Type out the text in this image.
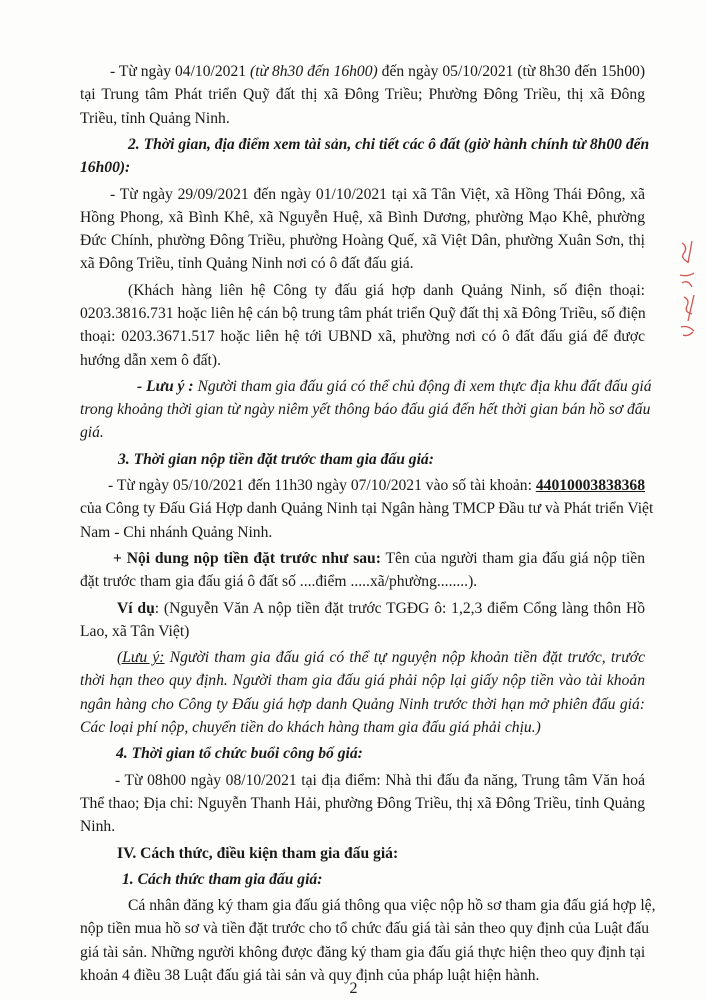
- Từ ngày 04/10/2021 (từ 8h30 đến 16h00) đến ngày 05/10/2021 (từ 8h30 đến 15h00)
tại Trung tâm Phát triển Quỹ đất thị xã Đông Triều; Phường Đông Triều, thị xã Đông
Triều, tỉnh Quảng Ninh.
2. Thời gian, địa điểm xem tài sản, chi tiết các ô đất (giờ hành chính từ 8h00 đến
16h00):
- Từ ngày 29/09/2021 đến ngày 01/10/2021 tại xã Tân Việt, xã Hồng Thái Đông, xã
Hồng Phong, xã Bình Khê, xã Nguyễn Huệ, xã Bình Dương, phường Mạo Khê, phường
Đức Chính, phường Đông Triều, phường Hoàng Quế, xã Việt Dân, phường Xuân Sơn, thị
xã Đông Triều, tỉnh Quảng Ninh nơi có ô đất đấu giá.
(Khách hàng liên hệ Công ty đấu giá hợp danh Quảng Ninh, số điện thoại:
0203.3816.731 hoặc liên hệ cán bộ trung tâm phát triển Quỹ đất thị xã Đông Triều, số điện
thoại: 0203.3671.517 hoặc liên hệ tới UBND xã, phường nơi có ô đất đấu giá để được
hướng dẫn xem ô đất).
- Lưu ý : Người tham gia đấu giá có thể chủ động đi xem thực địa khu đất đấu giá
trong khoảng thời gian từ ngày niêm yết thông báo đấu giá đến hết thời gian bán hồ sơ đấu
giá.
3. Thời gian nộp tiền đặt trước tham gia đấu giá:
- Từ ngày 05/10/2021 đến 11h30 ngày 07/10/2021 vào số tài khoản: 44010003838368
của Công ty Đấu Giá Hợp danh Quảng Ninh tại Ngân hàng TMCP Đầu tư và Phát triển Việt
Nam - Chi nhánh Quảng Ninh.
+ Nội dung nộp tiền đặt trước như sau: Tên của người tham gia đấu giá nộp tiền
đặt trước tham gia đấu giá ô đất số ....điểm .....xã/phường........).
Ví dụ: (Nguyễn Văn A nộp tiền đặt trước TGĐG ô: 1,2,3 điểm Cổng làng thôn Hồ
Lao, xã Tân Việt)
(Lưu ý: Người tham gia đấu giá có thể tự nguyện nộp khoản tiền đặt trước, trước
thời hạn theo quy định. Người tham gia đấu giá phải nộp lại giấy nộp tiền vào tài khoản
ngân hàng cho Công ty Đấu giá hợp danh Quảng Ninh trước thời hạn mở phiên đấu giá:
Các loại phí nộp, chuyển tiền do khách hàng tham gia đấu giá phải chịu.)
4. Thời gian tổ chức buổi công bố giá:
- Từ 08h00 ngày 08/10/2021 tại địa điểm: Nhà thi đấu đa năng, Trung tâm Văn hoá
Thể thao; Địa chỉ: Nguyễn Thanh Hải, phường Đông Triều, thị xã Đông Triều, tỉnh Quảng
Ninh.
IV. Cách thức, điều kiện tham gia đấu giá:
1. Cách thức tham gia đấu giá:
Cá nhân đăng ký tham gia đấu giá thông qua việc nộp hồ sơ tham gia đấu giá hợp lệ,
nộp tiền mua hồ sơ và tiền đặt trước cho tổ chức đấu giá tài sản theo quy định của Luật đấu
giá tài sản. Những người không được đăng ký tham gia đấu giá thực hiện theo quy định tại
khoản 4 điều 38 Luật đấu giá tài sản và quy định của pháp luật hiện hành.
2
